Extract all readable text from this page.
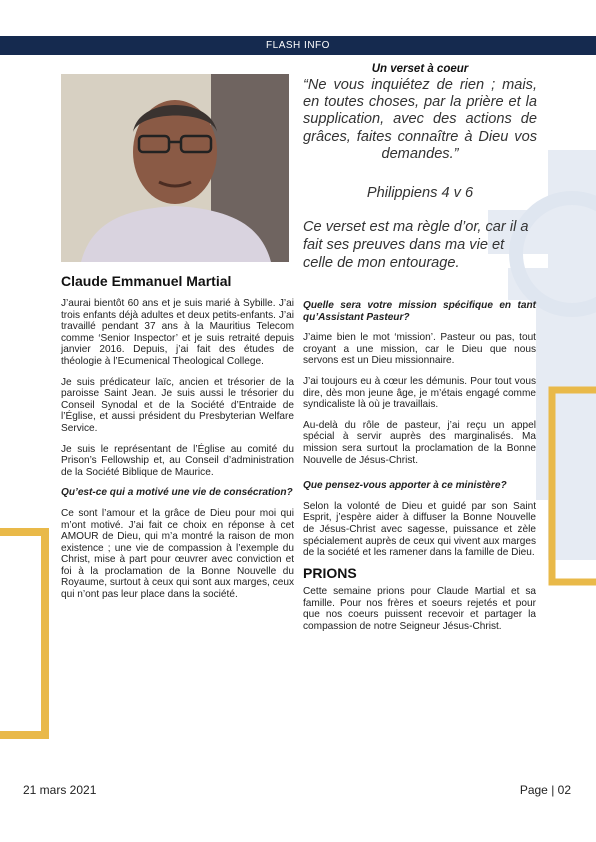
FLASH INFO
Un verset à coeur
“Ne vous inquiétez de rien ; mais, en toutes choses, par la prière et la supplication, avec des actions de grâces, faites connaître à Dieu vos demandes.”
Philippiens 4 v 6
Ce verset est ma règle d’or, car il a fait ses preuves dans ma vie et celle de mon entourage.
Claude Emmanuel Martial

J’aurai bientôt 60 ans et je suis marié à Sybille. J’ai trois enfants déjà adultes et deux petits-enfants. J’ai travaillé pendant 37 ans à la Mauritius Telecom comme ‘Senior Inspector’ et je suis retraité depuis janvier 2016. Depuis, j’ai fait des études de théologie à l’Ecumenical Theological College.

Je suis prédicateur laïc, ancien et trésorier de la paroisse Saint Jean. Je suis aussi le trésorier du Conseil Synodal et de la Société d’Entraide de l’Église, et aussi président du Presbyterian Welfare Service.

Je suis le représentant de l’Église au comité du Prison’s Fellowship et, au Conseil d’administration de la Société Biblique de Maurice.

Qu’est-ce qui a motivé une vie de consécration?

Ce sont l’amour et la grâce de Dieu pour moi qui m’ont motivé. J’ai fait ce choix en réponse à cet AMOUR de Dieu, qui m’a montré la raison de mon existence ; une vie de compassion à l’exemple du Christ, mise à part pour œuvrer avec conviction et foi à la proclamation de la Bonne Nouvelle du Royaume, surtout à ceux qui sont aux marges, ceux qui n’ont pas leur place dans la société.

Quelle sera votre mission spécifique en tant qu’Assistant Pasteur?

J’aime bien le mot ‘mission’. Pasteur ou pas, tout croyant a une mission, car le Dieu que nous servons est un Dieu missionnaire.

J’ai toujours eu à cœur les démunis. Pour tout vous dire, dès mon jeune âge, je m’étais engagé comme syndicaliste là où je travaillais.

Au-delà du rôle de pasteur, j’ai reçu un appel spécial à servir auprès des marginalisés. Ma mission sera surtout la proclamation de la Bonne Nouvelle de Jésus-Christ.

Que pensez-vous apporter à ce ministère?

Selon la volonté de Dieu et guidé par son Saint Esprit, j’espère aider à diffuser la Bonne Nouvelle de Jésus-Christ avec sagesse, puissance et zèle spécialement auprès de ceux qui vivent aux marges de la société et les ramener dans la famille de Dieu.

PRIONS

Cette semaine prions pour Claude Martial et sa famille. Pour nos frères et soeurs rejetés et pour que nos coeurs puissent recevoir et partager la compassion de notre Seigneur Jésus-Christ.

21 mars 2021	Page | 02
